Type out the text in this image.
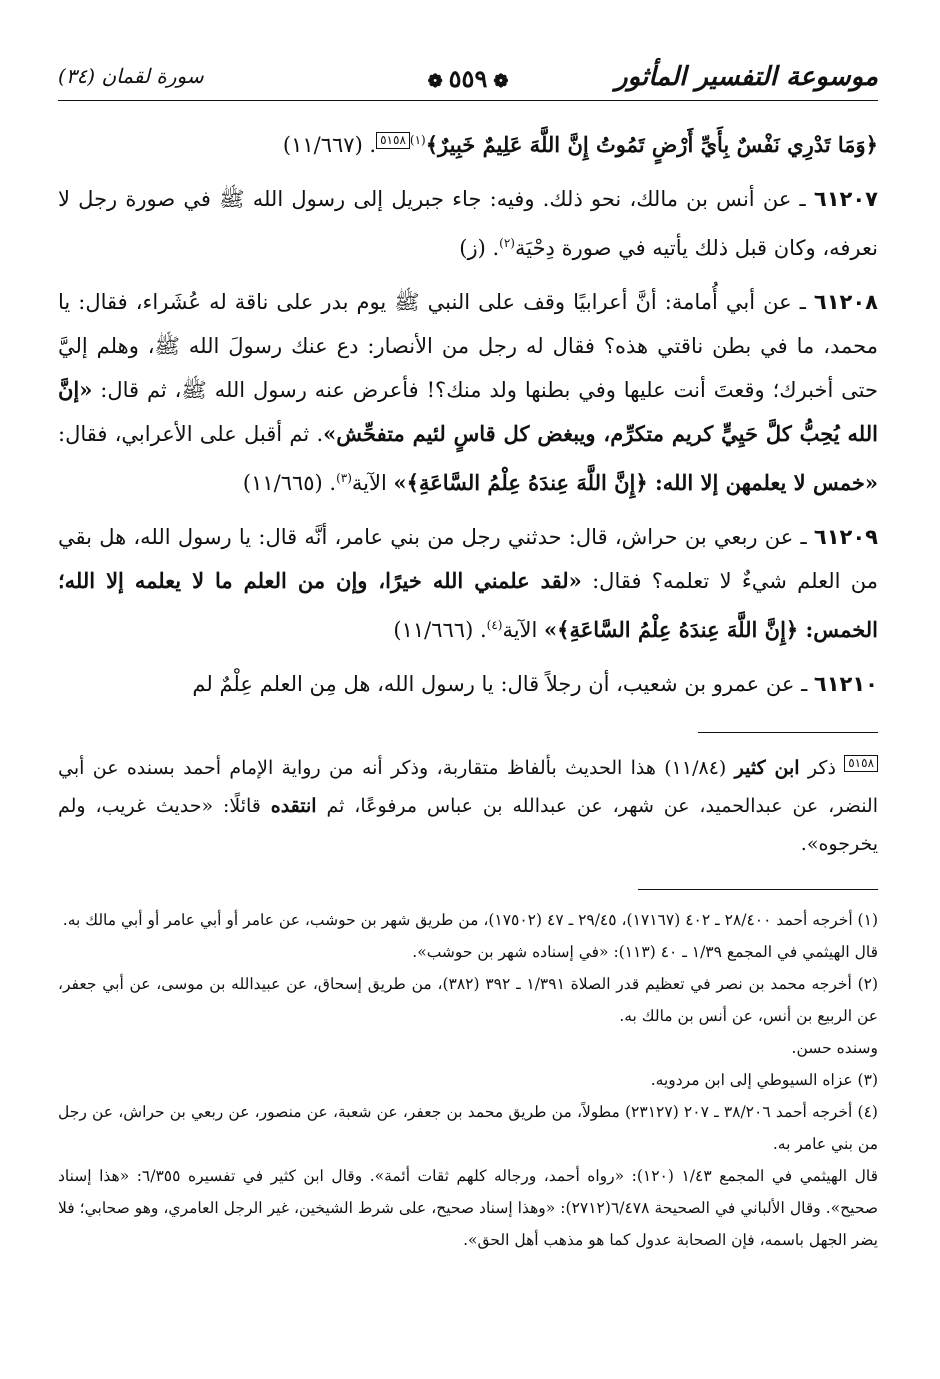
موسوعة التفسير المأثور
❁٥٥٩❁
سورة لقمان (٣٤)

﴿وَمَا تَدْرِي نَفْسٌ بِأَيِّ أَرْضٍ تَمُوتُ إِنَّ اللَّهَ عَلِيمٌ خَبِيرٌ﴾$^{(١)}$٥١٥٨. (١١/٦٦٧)

٦١٢٠٧ ـ عن أنس بن مالك، نحو ذلك. وفيه: جاء جبريل إلى رسول الله ﷺ في صورة رجل لا نعرفه، وكان قبل ذلك يأتيه في صورة دِحْيَة$^{(٢)}$. (ز)

٦١٢٠٨ ـ عن أبي أُمامة: أنَّ أعرابيًا وقف على النبي ﷺ يوم بدر على ناقة له عُشَراء، فقال: يا محمد، ما في بطن ناقتي هذه؟ فقال له رجل من الأنصار: دع عنك رسولَ الله ﷺ، وهلم إليَّ حتى أخبرك؛ وقعتَ أنت عليها وفي بطنها ولد منك؟! فأعرض عنه رسول الله ﷺ، ثم قال: «إنَّ الله يُحِبُّ كلَّ حَيِيٍّ كريم متكرِّم، ويبغض كل قاسٍ لئيم متفحِّش». ثم أقبل على الأعرابي، فقال: «خمس لا يعلمهن إلا الله: ﴿إِنَّ اللَّهَ عِندَهُ عِلْمُ السَّاعَةِ﴾» الآية$^{(٣)}$. (١١/٦٦٥)

٦١٢٠٩ ـ عن ربعي بن حراش، قال: حدثني رجل من بني عامر، أنَّه قال: يا رسول الله، هل بقي من العلم شيءٌ لا تعلمه؟ فقال: «لقد علمني الله خيرًا، وإن من العلم ما لا يعلمه إلا الله؛ الخمس: ﴿إِنَّ اللَّهَ عِندَهُ عِلْمُ السَّاعَةِ﴾» الآية$^{(٤)}$. (١١/٦٦٦)

٦١٢١٠ ـ عن عمرو بن شعيب، أن رجلاً قال: يا رسول الله، هل مِن العلم عِلْمٌ لم

٥١٥٨ ذكر ابن كثير (١١/٨٤) هذا الحديث بألفاظ متقاربة، وذكر أنه من رواية الإمام أحمد بسنده عن أبي النضر، عن عبدالحميد، عن شهر، عن عبدالله بن عباس مرفوعًا، ثم انتقده قائلًا: «حديث غريب، ولم يخرجوه».

(١) أخرجه أحمد ٢٨/٤٠٠ ـ ٤٠٢ (١٧١٦٧)، ٢٩/٤٥ ـ ٤٧ (١٧٥٠٢)، من طريق شهر بن حوشب، عن عامر أو أبي عامر أو أبي مالك به.

قال الهيثمي في المجمع ١/٣٩ ـ ٤٠ (١١٣): «في إسناده شهر بن حوشب».

(٢) أخرجه محمد بن نصر في تعظيم قدر الصلاة ١/٣٩١ ـ ٣٩٢ (٣٨٢)، من طريق إسحاق، عن عبيدالله بن موسى، عن أبي جعفر، عن الربيع بن أنس، عن أنس بن مالك به.

وسنده حسن.

(٣) عزاه السيوطي إلى ابن مردويه.

(٤) أخرجه أحمد ٣٨/٢٠٦ ـ ٢٠٧ (٢٣١٢٧) مطولاً، من طريق محمد بن جعفر، عن شعبة، عن منصور، عن ربعي بن حراش، عن رجل من بني عامر به.

قال الهيثمي في المجمع ١/٤٣ (١٢٠): «رواه أحمد، ورجاله كلهم ثقات أئمة». وقال ابن كثير في تفسيره ٦/٣٥٥: «هذا إسناد صحيح». وقال الألباني في الصحيحة ٦/٤٧٨(٢٧١٢): «وهذا إسناد صحيح، على شرط الشيخين، غير الرجل العامري، وهو صحابي؛ فلا يضر الجهل باسمه، فإن الصحابة عدول كما هو مذهب أهل الحق».
